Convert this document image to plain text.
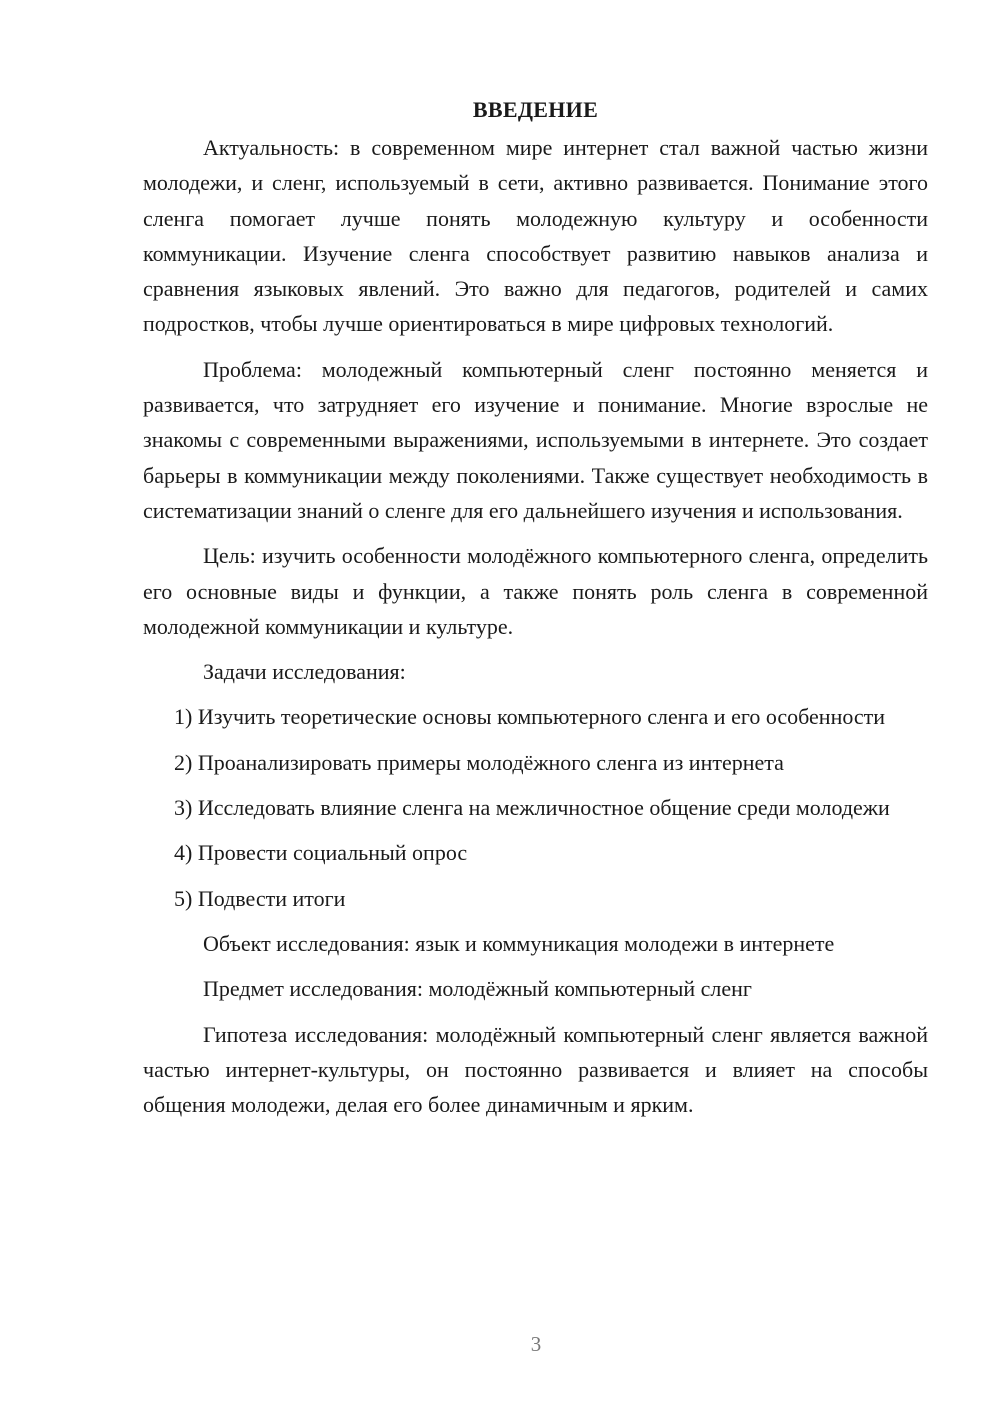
ВВЕДЕНИЕ

Актуальность: в современном мире интернет стал важной частью жизни молодежи, и сленг, используемый в сети, активно развивается. Понимание этого сленга помогает лучше понять молодежную культуру и особенности коммуникации. Изучение сленга способствует развитию навыков анализа и сравнения языковых явлений. Это важно для педагогов, родителей и самих подростков, чтобы лучше ориентироваться в мире цифровых технологий.

Проблема: молодежный компьютерный сленг постоянно меняется и развивается, что затрудняет его изучение и понимание. Многие взрослые не знакомы с современными выражениями, используемыми в интернете. Это создает барьеры в коммуникации между поколениями. Также существует необходимость в систематизации знаний о сленге для его дальнейшего изучения и использования.

Цель: изучить особенности молодёжного компьютерного сленга, определить его основные виды и функции, а также понять роль сленга в современной молодежной коммуникации и культуре.

Задачи исследования:

1) Изучить теоретические основы компьютерного сленга и его особенности

2) Проанализировать примеры молодёжного сленга из интернета

3) Исследовать влияние сленга на межличностное общение среди молодежи

4) Провести социальный опрос

5) Подвести итоги

Объект исследования: язык и коммуникация молодежи в интернете

Предмет исследования: молодёжный компьютерный сленг

Гипотеза исследования: молодёжный компьютерный сленг является важной частью интернет-культуры, он постоянно развивается и влияет на способы общения молодежи, делая его более динамичным и ярким.

3
